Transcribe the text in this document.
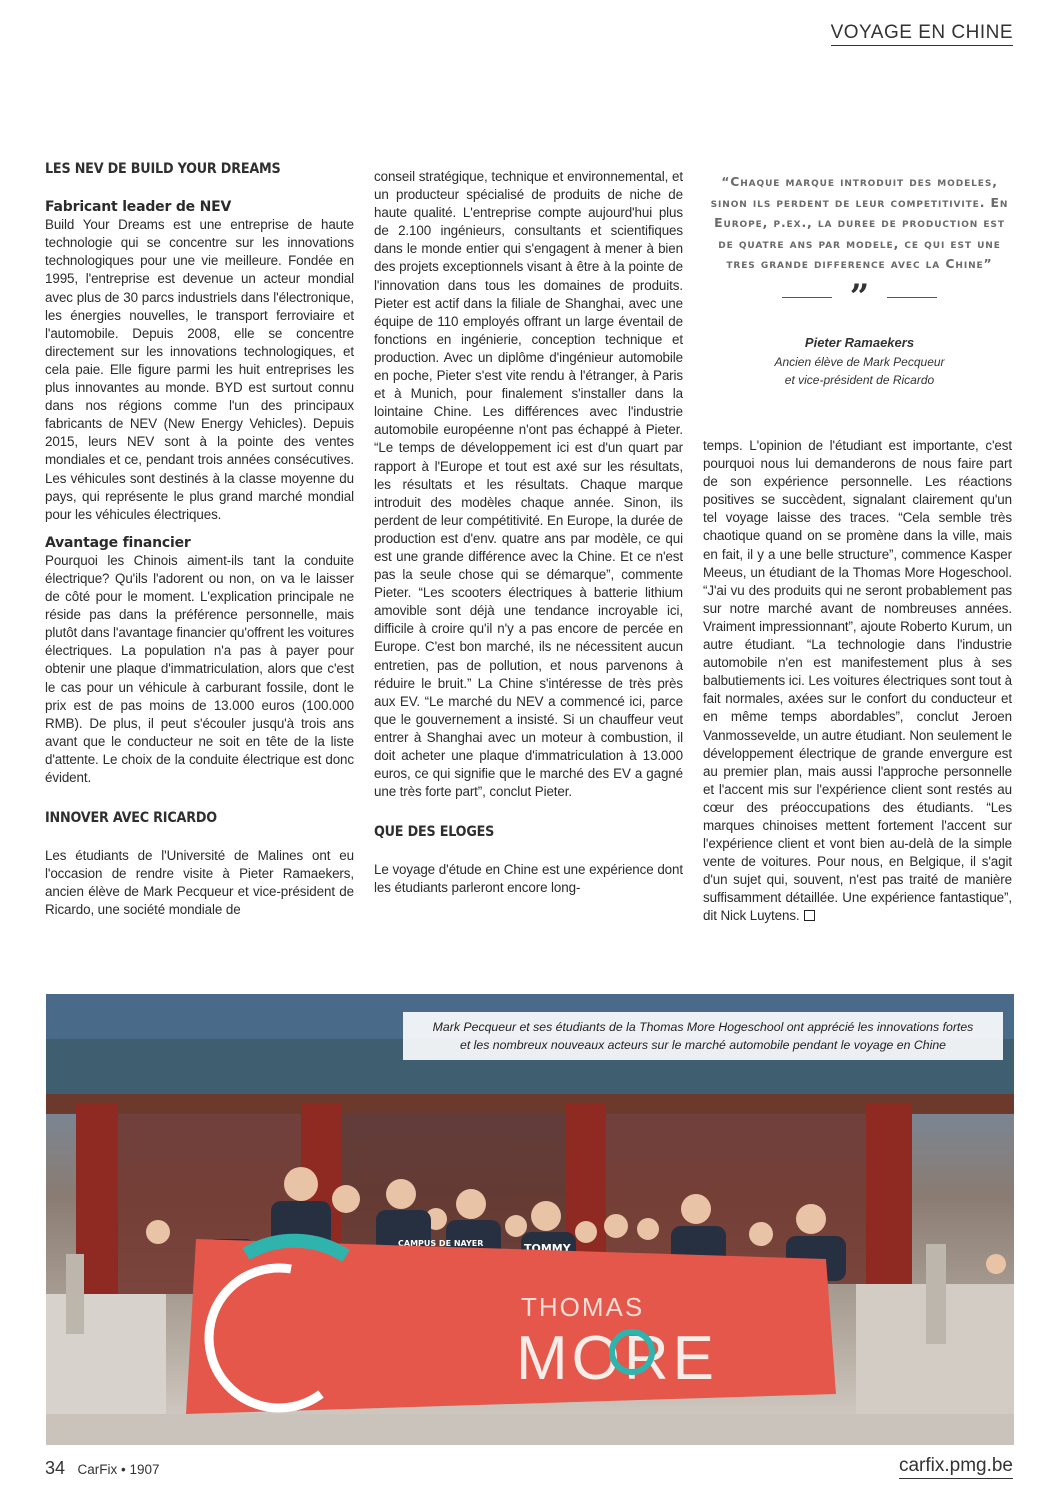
VOYAGE EN CHINE

LES NEV DE BUILD YOUR DREAMS

Fabricant leader de NEV

Build Your Dreams est une entreprise de haute technologie qui se concentre sur les innovations technologiques pour une vie meilleure. Fondée en 1995, l'entreprise est devenue un acteur mondial avec plus de 30 parcs industriels dans l'électronique, les énergies nouvelles, le transport ferroviaire et l'automobile. Depuis 2008, elle se concentre directement sur les innovations technologiques, et cela paie. Elle figure parmi les huit entreprises les plus innovantes au monde. BYD est surtout connu dans nos régions comme l'un des principaux fabricants de NEV (New Energy Vehicles). Depuis 2015, leurs NEV sont à la pointe des ventes mondiales et ce, pendant trois années consécutives. Les véhicules sont destinés à la classe moyenne du pays, qui représente le plus grand marché mondial pour les véhicules électriques.

Avantage financier

Pourquoi les Chinois aiment-ils tant la conduite électrique? Qu'ils l'adorent ou non, on va le laisser de côté pour le moment. L'explication principale ne réside pas dans la préférence personnelle, mais plutôt dans l'avantage financier qu'offrent les voitures électriques. La population n'a pas à payer pour obtenir une plaque d'immatriculation, alors que c'est le cas pour un véhicule à carburant fossile, dont le prix est de pas moins de 13.000 euros (100.000 RMB). De plus, il peut s'écouler jusqu'à trois ans avant que le conducteur ne soit en tête de la liste d'attente. Le choix de la conduite électrique est donc évident.

INNOVER AVEC RICARDO

Les étudiants de l'Université de Malines ont eu l'occasion de rendre visite à Pieter Ramaekers, ancien élève de Mark Pecqueur et vice-président de Ricardo, une société mondiale de

conseil stratégique, technique et environnemental, et un producteur spécialisé de produits de niche de haute qualité. L'entreprise compte aujourd'hui plus de 2.100 ingénieurs, consultants et scientifiques dans le monde entier qui s'engagent à mener à bien des projets exceptionnels visant à être à la pointe de l'innovation dans tous les domaines de produits. Pieter est actif dans la filiale de Shanghai, avec une équipe de 110 employés offrant un large éventail de fonctions en ingénierie, conception technique et production. Avec un diplôme d'ingénieur automobile en poche, Pieter s'est vite rendu à l'étranger, à Paris et à Munich, pour finalement s'installer dans la lointaine Chine. Les différences avec l'industrie automobile européenne n'ont pas échappé à Pieter. “Le temps de développement ici est d'un quart par rapport à l'Europe et tout est axé sur les résultats, les résultats et les résultats. Chaque marque introduit des modèles chaque année. Sinon, ils perdent de leur compétitivité. En Europe, la durée de production est d'env. quatre ans par modèle, ce qui est une grande différence avec la Chine. Et ce n'est pas la seule chose qui se démarque”, commente Pieter. “Les scooters électriques à batterie lithium amovible sont déjà une tendance incroyable ici, difficile à croire qu'il n'y a pas encore de percée en Europe. C'est bon marché, ils ne nécessitent aucun entretien, pas de pollution, et nous parvenons à réduire le bruit.” La Chine s'intéresse de très près aux EV. “Le marché du NEV a commencé ici, parce que le gouvernement a insisté. Si un chauffeur veut entrer à Shanghai avec un moteur à combustion, il doit acheter une plaque d'immatriculation à 13.000 euros, ce qui signifie que le marché des EV a gagné une très forte part”, conclut Pieter.

QUE DES ELOGES

Le voyage d'étude en Chine est une expérience dont les étudiants parleront encore long-

“Chaque marque introduit des modeles, sinon ils perdent de leur competitivite. En Europe, p.ex., la duree de production est de quatre ans par modele, ce qui est une tres grande difference avec la Chine”

”
Pieter Ramaekers
Ancien élève de Mark Pecqueur
et vice-président de Ricardo

temps. L'opinion de l'étudiant est importante, c'est pourquoi nous lui demanderons de nous faire part de son expérience personnelle. Les réactions positives se succèdent, signalant clairement qu'un tel voyage laisse des traces. “Cela semble très chaotique quand on se promène dans la ville, mais en fait, il y a une belle structure”, commence Kasper Meeus, un étudiant de la Thomas More Hogeschool. “J'ai vu des produits qui ne seront probablement pas sur notre marché avant de nombreuses années. Vraiment impressionnant”, ajoute Roberto Kurum, un autre étudiant. “La technologie dans l'industrie automobile n'en est manifestement plus à ses balbutiements ici. Les voitures électriques sont tout à fait normales, axées sur le confort du conducteur et en même temps abordables”, conclut Jeroen Vanmossevelde, un autre étudiant. Non seulement le développement électrique de grande envergure est au premier plan, mais aussi l'approche personnelle et l'accent mis sur l'expérience client sont restés au cœur des préoccupations des étudiants. “Les marques chinoises mettent fortement l'accent sur l'expérience client et vont bien au-delà de la simple vente de voitures. Pour nous, en Belgique, il s'agit d'un sujet qui, souvent, n'est pas traité de manière suffisamment détaillée. Une expérience fantastique”, dit Nick Luytens.

CAMPUS DE NAYER	TOMMY
THOMAS
MORE
Mark Pecqueur et ses étudiants de la Thomas More Hogeschool ont apprécié les innovations fortes
et les nombreux nouveaux acteurs sur le marché automobile pendant le voyage en Chine
34 CarFix • 1907	carfix.pmg.be
